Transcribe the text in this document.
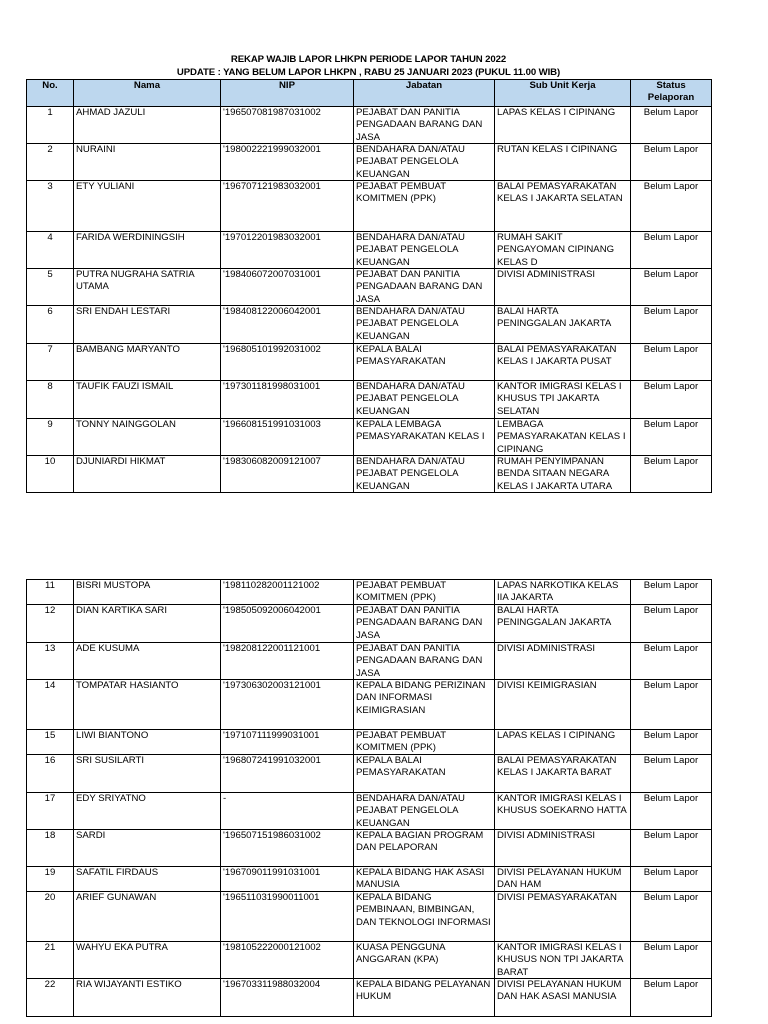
REKAP WAJIB LAPOR LHKPN PERIODE LAPOR TAHUN 2022
UPDATE : YANG BELUM LAPOR LHKPN , RABU 25 JANUARI 2023 (PUKUL 11.00 WIB)
No.	Nama	NIP	Jabatan	Sub Unit Kerja	Status Pelaporan

1	AHMAD JAZULI	'196507081987031002	PEJABAT DAN PANITIA PENGADAAN BARANG DAN JASA	LAPAS KELAS I CIPINANG	Belum Lapor

2	NURAINI	'198002221999032001	BENDAHARA DAN/ATAU PEJABAT PENGELOLA KEUANGAN	RUTAN KELAS I CIPINANG	Belum Lapor

3	ETY YULIANI	'196707121983032001	PEJABAT PEMBUAT KOMITMEN (PPK)	BALAI PEMASYARAKATAN KELAS I JAKARTA SELATAN	Belum Lapor

4	FARIDA WERDININGSIH	'197012201983032001	BENDAHARA DAN/ATAU PEJABAT PENGELOLA KEUANGAN	RUMAH SAKIT PENGAYOMAN CIPINANG KELAS D	Belum Lapor

5	PUTRA NUGRAHA SATRIA UTAMA	'198406072007031001	PEJABAT DAN PANITIA PENGADAAN BARANG DAN JASA	DIVISI ADMINISTRASI	Belum Lapor

6	SRI ENDAH LESTARI	'198408122006042001	BENDAHARA DAN/ATAU PEJABAT PENGELOLA KEUANGAN	BALAI HARTA PENINGGALAN JAKARTA	Belum Lapor

7	BAMBANG MARYANTO	'196805101992031002	KEPALA BALAI PEMASYARAKATAN	BALAI PEMASYARAKATAN KELAS I JAKARTA PUSAT	Belum Lapor

8	TAUFIK FAUZI ISMAIL	'197301181998031001	BENDAHARA DAN/ATAU PEJABAT PENGELOLA KEUANGAN	KANTOR IMIGRASI KELAS I KHUSUS TPI JAKARTA SELATAN	Belum Lapor

9	TONNY NAINGGOLAN	'196608151991031003	KEPALA LEMBAGA PEMASYARAKATAN KELAS I	LEMBAGA PEMASYARAKATAN KELAS I CIPINANG	Belum Lapor

10	DJUNIARDI HIKMAT	'198306082009121007	BENDAHARA DAN/ATAU PEJABAT PENGELOLA KEUANGAN	RUMAH PENYIMPANAN BENDA SITAAN NEGARA KELAS I JAKARTA UTARA	Belum Lapor
11	BISRI MUSTOPA	'198110282001121002	PEJABAT PEMBUAT KOMITMEN (PPK)	LAPAS NARKOTIKA KELAS IIA JAKARTA	Belum Lapor

12	DIAN KARTIKA SARI	'198505092006042001	PEJABAT DAN PANITIA PENGADAAN BARANG DAN JASA	BALAI HARTA PENINGGALAN JAKARTA	Belum Lapor

13	ADE KUSUMA	'198208122001121001	PEJABAT DAN PANITIA PENGADAAN BARANG DAN JASA	DIVISI ADMINISTRASI	Belum Lapor

14	TOMPATAR HASIANTO	'197306302003121001	KEPALA BIDANG PERIZINAN DAN INFORMASI KEIMIGRASIAN	DIVISI KEIMIGRASIAN	Belum Lapor

15	LIWI BIANTONO	'197107111999031001	PEJABAT PEMBUAT KOMITMEN (PPK)	LAPAS KELAS I CIPINANG	Belum Lapor

16	SRI SUSILARTI	'196807241991032001	KEPALA BALAI PEMASYARAKATAN	BALAI PEMASYARAKATAN KELAS I JAKARTA BARAT	Belum Lapor

17	EDY SRIYATNO	-	BENDAHARA DAN/ATAU PEJABAT PENGELOLA KEUANGAN	KANTOR IMIGRASI KELAS I KHUSUS SOEKARNO HATTA	Belum Lapor

18	SARDI	'196507151986031002	KEPALA BAGIAN PROGRAM DAN PELAPORAN	DIVISI ADMINISTRASI	Belum Lapor

19	SAFATIL FIRDAUS	'196709011991031001	KEPALA BIDANG HAK ASASI MANUSIA	DIVISI PELAYANAN HUKUM DAN HAM	Belum Lapor

20	ARIEF GUNAWAN	'196511031990011001	KEPALA BIDANG PEMBINAAN, BIMBINGAN, DAN TEKNOLOGI INFORMASI	DIVISI PEMASYARAKATAN	Belum Lapor

21	WAHYU EKA PUTRA	'198105222000121002	KUASA PENGGUNA ANGGARAN (KPA)	KANTOR IMIGRASI KELAS I KHUSUS NON TPI JAKARTA BARAT	Belum Lapor

22	RIA WIJAYANTI ESTIKO	'196703311988032004	KEPALA BIDANG PELAYANAN HUKUM	DIVISI PELAYANAN HUKUM DAN HAK ASASI MANUSIA	Belum Lapor
